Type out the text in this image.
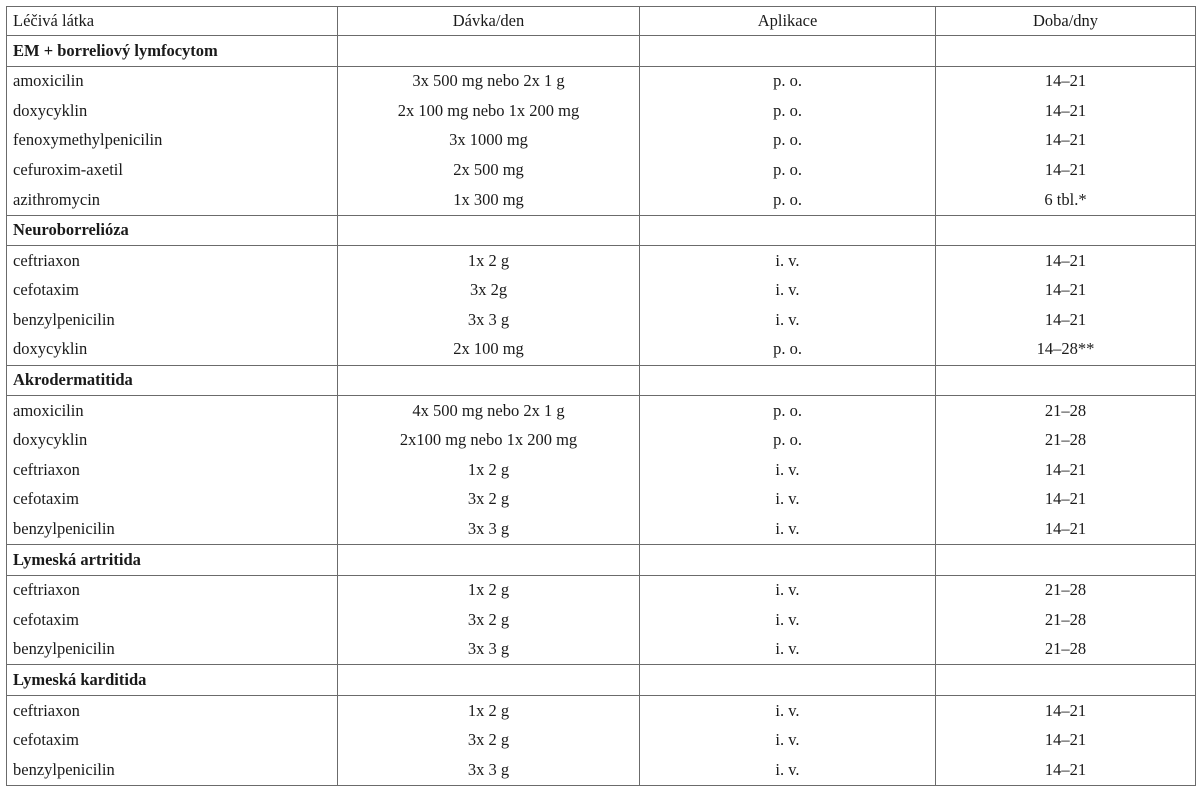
Léčivá látka	Dávka/den	Aplikace	Doba/dny
EM + borreliový lymfocytom			
amoxicilin	3x 500 mg nebo 2x 1 g	p. o.	14–21
doxycyklin	2x 100 mg nebo 1x 200 mg	p. o.	14–21
fenoxymethylpenicilin	3x 1000 mg	p. o.	14–21
cefuroxim-axetil	2x 500 mg	p. o.	14–21
azithromycin	1x 300 mg	p. o.	6 tbl.*
Neuroborrelióza			
ceftriaxon	1x 2 g	i. v.	14–21
cefotaxim	3x 2g	i. v.	14–21
benzylpenicilin	3x 3 g	i. v.	14–21
doxycyklin	2x 100 mg	p. o.	14–28**
Akrodermatitida			
amoxicilin	4x 500 mg nebo 2x 1 g	p. o.	21–28
doxycyklin	2x100 mg nebo 1x 200 mg	p. o.	21–28
ceftriaxon	1x 2 g	i. v.	14–21
cefotaxim	3x 2 g	i. v.	14–21
benzylpenicilin	3x 3 g	i. v.	14–21
Lymeská artritida			
ceftriaxon	1x 2 g	i. v.	21–28
cefotaxim	3x 2 g	i. v.	21–28
benzylpenicilin	3x 3 g	i. v.	21–28
Lymeská karditida			
ceftriaxon	1x 2 g	i. v.	14–21
cefotaxim	3x 2 g	i. v.	14–21
benzylpenicilin	3x 3 g	i. v.	14–21
